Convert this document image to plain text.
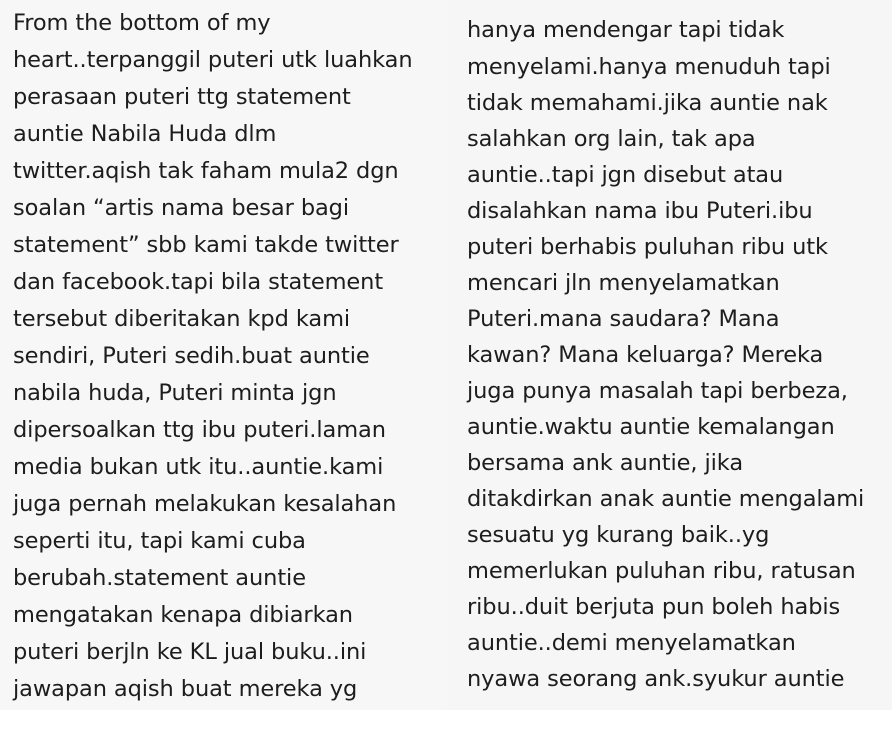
From the bottom of my
heart..terpanggil puteri utk luahkan
perasaan puteri ttg statement
auntie Nabila Huda dlm
twitter.aqish tak faham mula2 dgn
soalan “artis nama besar bagi
statement” sbb kami takde twitter
dan facebook.tapi bila statement
tersebut diberitakan kpd kami
sendiri, Puteri sedih.buat auntie
nabila huda, Puteri minta jgn
dipersoalkan ttg ibu puteri.laman
media bukan utk itu..auntie.kami
juga pernah melakukan kesalahan
seperti itu, tapi kami cuba
berubah.statement auntie
mengatakan kenapa dibiarkan
puteri berjln ke KL jual buku..ini
jawapan aqish buat mereka yg
hanya mendengar tapi tidak
menyelami.hanya menuduh tapi
tidak memahami.jika auntie nak
salahkan org lain, tak apa
auntie..tapi jgn disebut atau
disalahkan nama ibu Puteri.ibu
puteri berhabis puluhan ribu utk
mencari jln menyelamatkan
Puteri.mana saudara? Mana
kawan? Mana keluarga? Mereka
juga punya masalah tapi berbeza,
auntie.waktu auntie kemalangan
bersama ank auntie, jika
ditakdirkan anak auntie mengalami
sesuatu yg kurang baik..yg
memerlukan puluhan ribu, ratusan
ribu..duit berjuta pun boleh habis
auntie..demi menyelamatkan
nyawa seorang ank.syukur auntie
